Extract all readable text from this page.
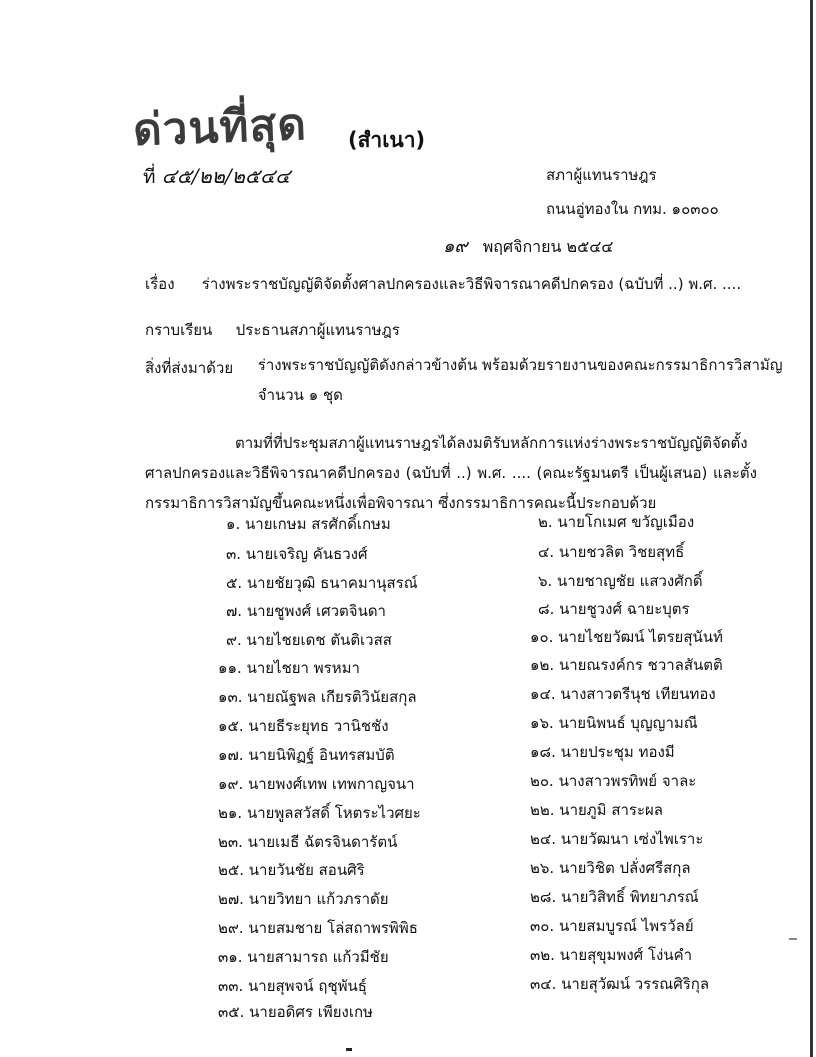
ด่วนที่สุด (สำเนา)
ที่ ๔๕/๒๒/๒๕๔๔	สภาผู้แทนราษฎร
ถนนอู่ทองใน กทม. ๑๐๓๐๐
๑๙ พฤศจิกายน ๒๕๔๔
เรื่อง ร่างพระราชบัญญัติจัดตั้งศาลปกครองและวิธีพิจารณาคดีปกครอง (ฉบับที่ ..) พ.ศ. ....
กราบเรียน ประธานสภาผู้แทนราษฎร
สิ่งที่ส่งมาด้วย ร่างพระราชบัญญัติดังกล่าวข้างต้น พร้อมด้วยรายงานของคณะกรรมาธิการวิสามัญ
จำนวน ๑ ชุด

ตามที่ที่ประชุมสภาผู้แทนราษฎรได้ลงมติรับหลักการแห่งร่างพระราชบัญญัติจัดตั้ง

ศาลปกครองและวิธีพิจารณาคดีปกครอง (ฉบับที่ ..) พ.ศ. .... (คณะรัฐมนตรี เป็นผู้เสนอ) และตั้ง

กรรมาธิการวิสามัญขึ้นคณะหนึ่งเพื่อพิจารณา ซึ่งกรรมาธิการคณะนี้ประกอบด้วย

๑. นายเกษม สรศักดิ์เกษม	๒. นายโกเมศ ขวัญเมือง
๓. นายเจริญ คันธวงศ์	๔. นายชวลิต วิชยสุทธิ์
๕. นายชัยวุฒิ ธนาคมานุสรณ์	๖. นายชาญชัย แสวงศักดิ์
๗. นายชูพงศ์ เศวตจินดา	๘. นายชูวงศ์ ฉายะบุตร
๙. นายไชยเดช ตันติเวสส	๑๐. นายไชยวัฒน์ ไตรยสุนันท์
๑๑. นายไชยา พรหมา	๑๒. นายณรงค์กร ชวาลสันตติ
๑๓. นายณัฐพล เกียรติวินัยสกุล	๑๔. นางสาวตรีนุช เทียนทอง
๑๕. นายธีระยุทธ วานิชชัง	๑๖. นายนิพนธ์ บุญญามณี
๑๗. นายนิพิฏฐ์ อินทรสมบัติ	๑๘. นายประชุม ทองมี
๑๙. นายพงศ์เทพ เทพกาญจนา	๒๐. นางสาวพรทิพย์ จาละ
๒๑. นายพูลสวัสดิ์ โหตระไวศยะ	๒๒. นายภูมิ สาระผล
๒๓. นายเมธี ฉัตรจินดารัตน์	๒๔. นายวัฒนา เซ่งไพเราะ
๒๕. นายวันชัย สอนศิริ	๒๖. นายวิชิต ปลั่งศรีสกุล
๒๗. นายวิทยา แก้วภราดัย	๒๘. นายวิสิทธิ์ พิทยาภรณ์
๒๙. นายสมชาย โล่สถาพรพิพิธ	๓๐. นายสมบูรณ์ ไพรวัลย์
๓๑. นายสามารถ แก้วมีชัย	๓๒. นายสุขุมพงศ์ โง่นคำ
๓๓. นายสุพจน์ ฤชุพันธุ์	๓๔. นายสุวัฒน์ วรรณศิริกุล
๓๕. นายอดิศร เพียงเกษ
